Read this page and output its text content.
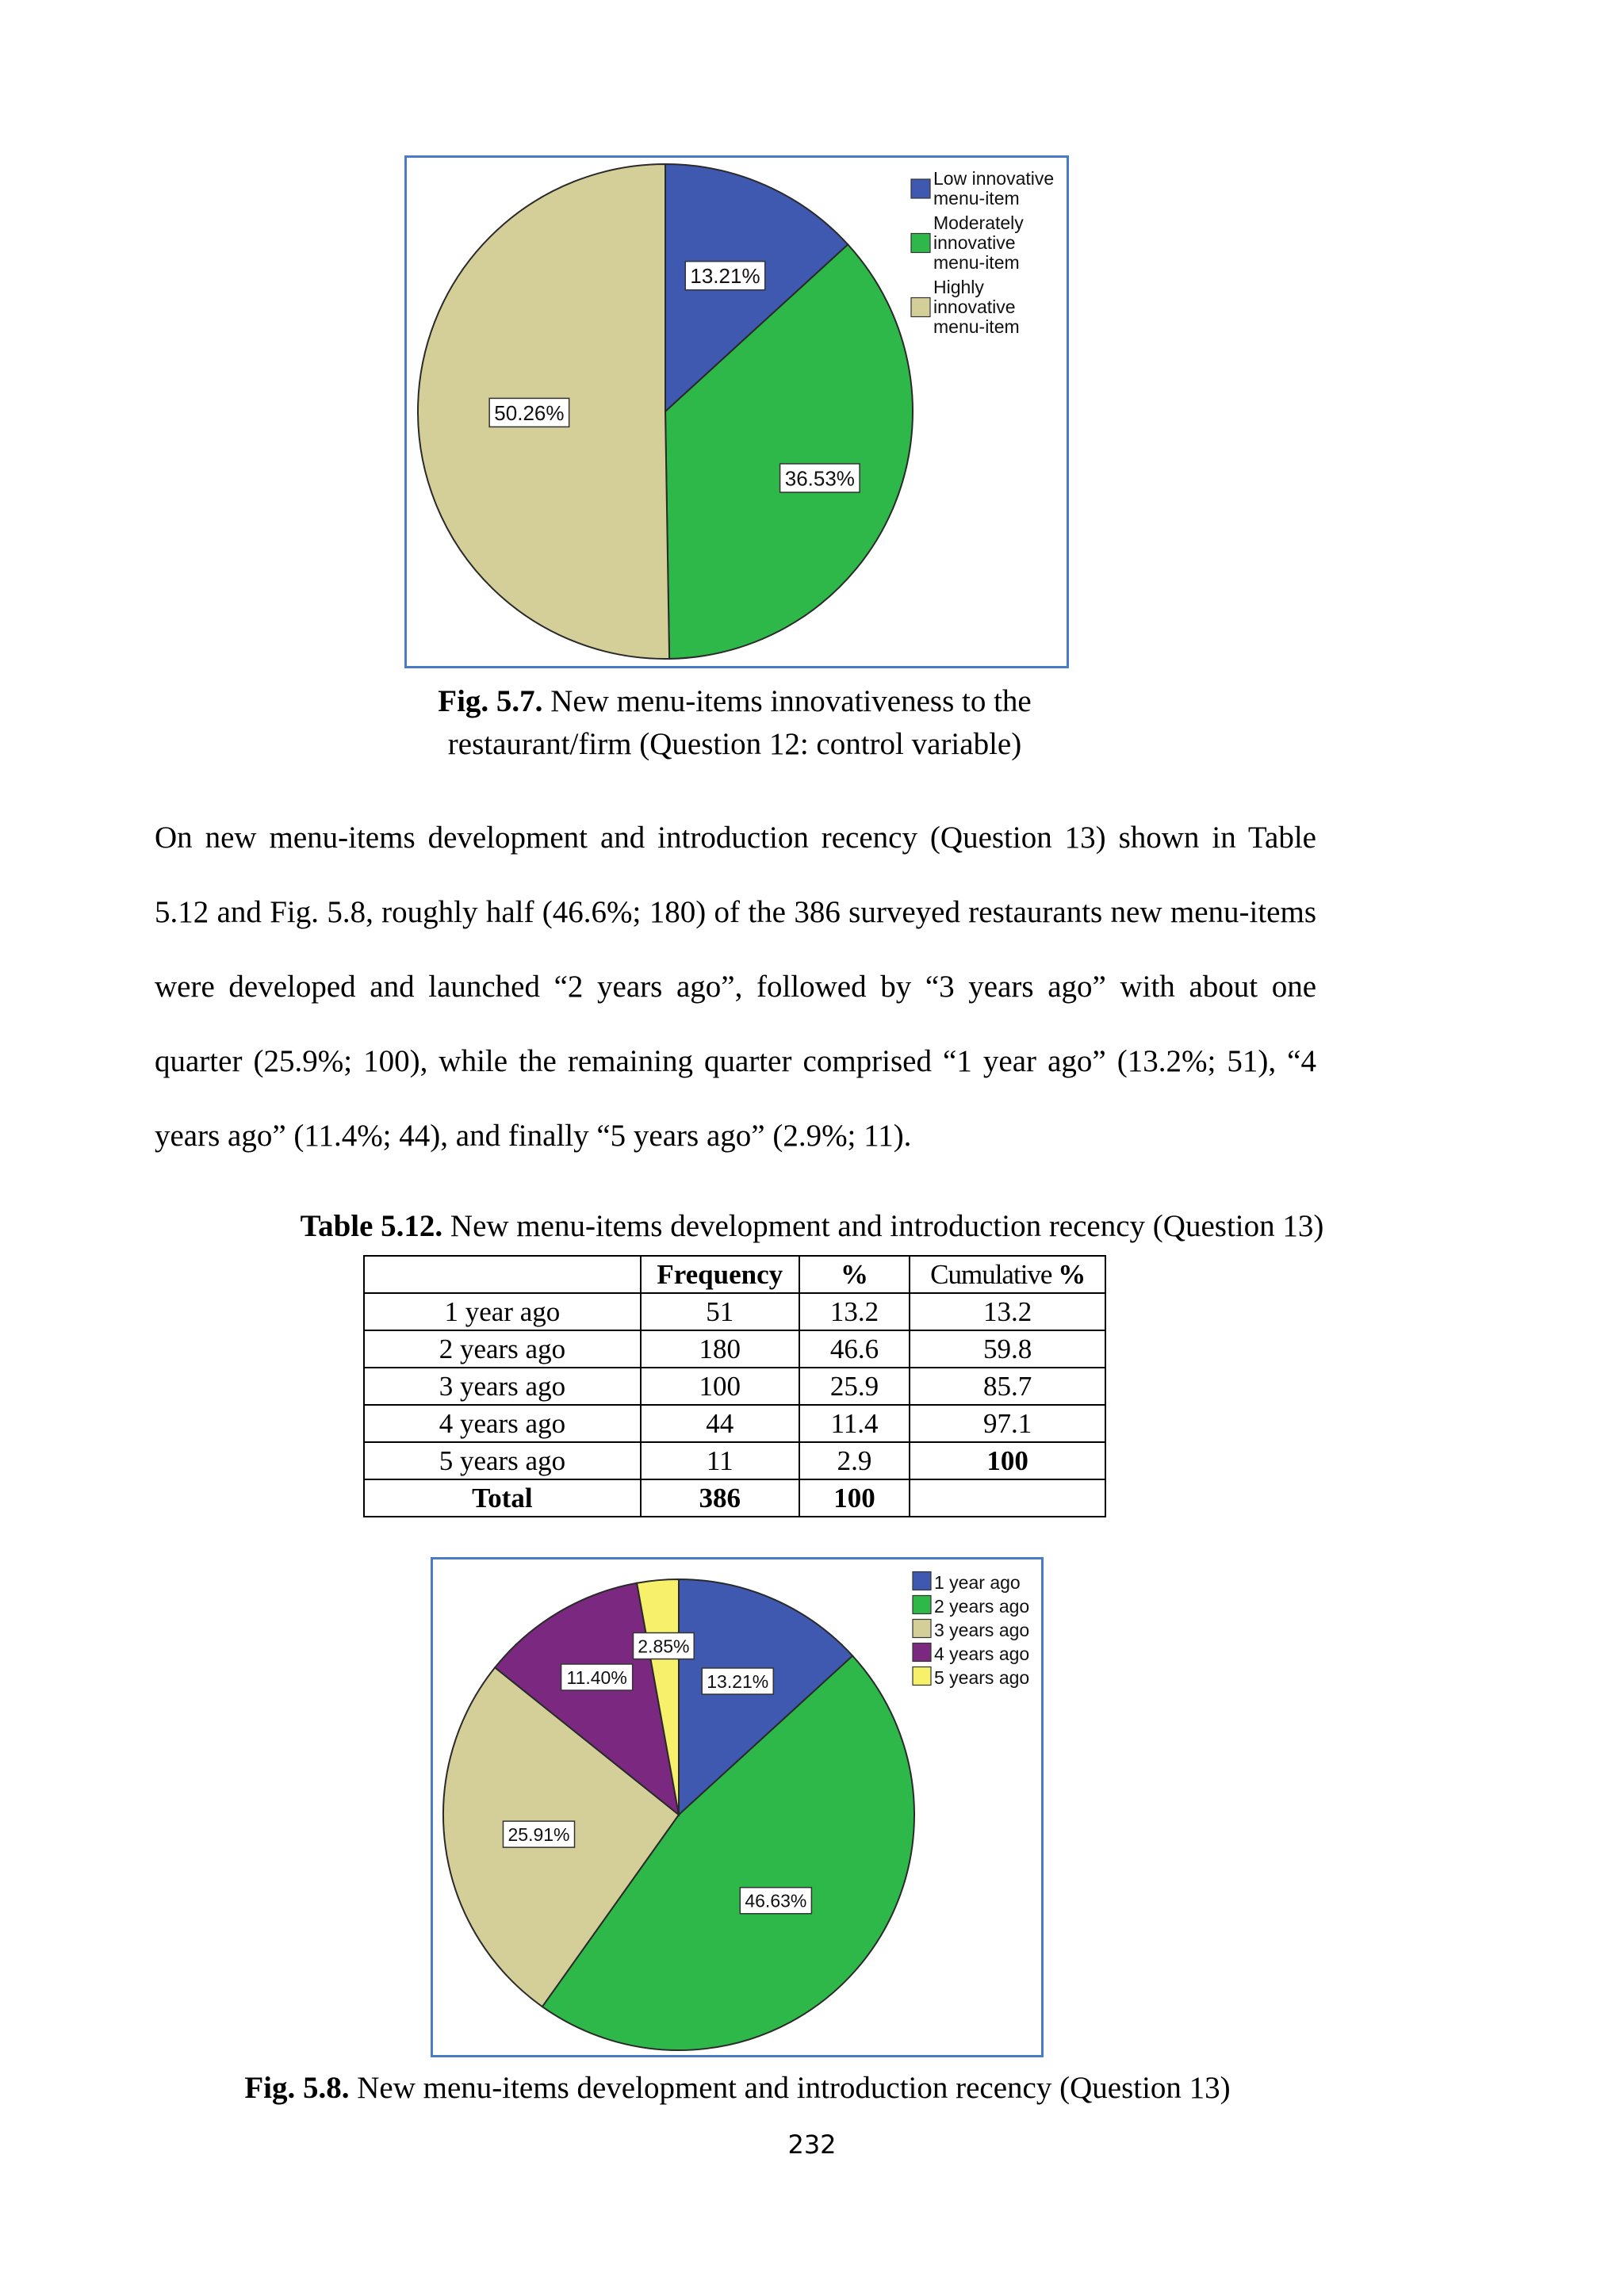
13.21%
36.53%
50.26%
Low innovative
menu-item
Moderately
innovative
menu-item
Highly
innovative
menu-item
Fig. 5.7. New menu-items innovativeness to the
restaurant/firm (Question 12: control variable)

On new menu-items development and introduction recency (Question 13) shown in Table 5.12 and Fig. 5.8, roughly half (46.6%; 180) of the 386 surveyed restaurants new menu-items were developed and launched “2 years ago”, followed by “3 years ago” with about one quarter (25.9%; 100), while the remaining quarter comprised “1 year ago” (13.2%; 51), “4 years ago” (11.4%; 44), and finally “5 years ago” (2.9%; 11).

Table 5.12. New menu-items development and introduction recency (Question 13)
	Frequency	%	Cumulative %
1 year ago	51	13.2	13.2
2 years ago	180	46.6	59.8
3 years ago	100	25.9	85.7
4 years ago	44	11.4	97.1
5 years ago	11	2.9	100
Total	386	100	
13.21%
46.63%
25.91%
11.40%
2.85%
1 year ago
2 years ago
3 years ago
4 years ago
5 years ago
Fig. 5.8. New menu-items development and introduction recency (Question 13)
232
